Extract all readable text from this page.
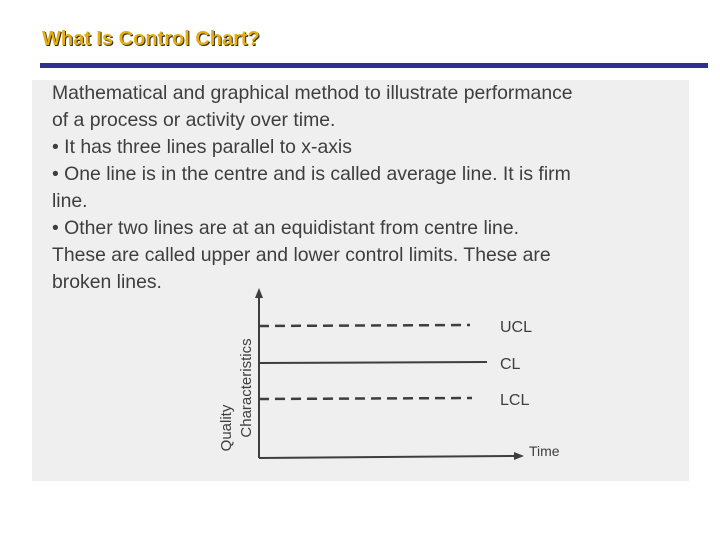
What Is Control Chart?
Mathematical and graphical method to illustrate performance
of a process or activity over time.
• It has three lines parallel to x-axis
• One line is in the centre and is called average line. It is firm
line.
• Other two lines are at an equidistant from centre line.
These are called upper and lower control limits. These are
broken lines.
UCL
CL
LCL
Time
Quality Characteristics
